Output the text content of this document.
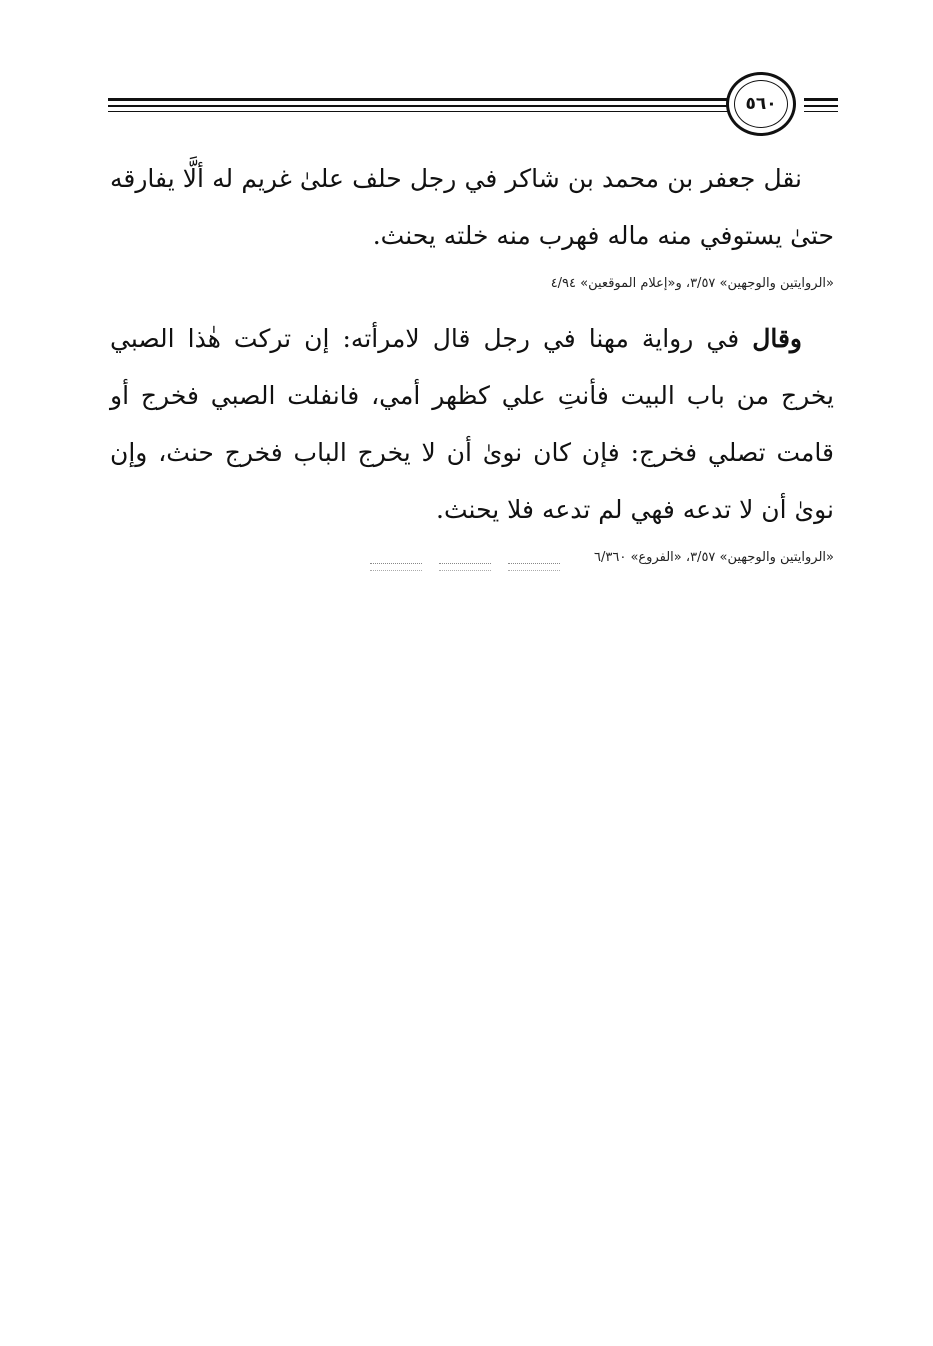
٥٦٠

نقل جعفر بن محمد بن شاكر في رجل حلف علىٰ غريم له ألَّا يفارقه حتىٰ يستوفي منه ماله فهرب منه خلته يحنث.

«الروايتين والوجهين» ٣/٥٧، و«إعلام الموقعين» ٤/٩٤

وقال في رواية مهنا في رجل قال لامرأته: إن تركت هٰذا الصبي يخرج من باب البيت فأنتِ علي كظهر أمي، فانفلت الصبي فخرج أو قامت تصلي فخرج: فإن كان نوىٰ أن لا يخرج الباب فخرج حنث، وإن نوىٰ أن لا تدعه فهي لم تدعه فلا يحنث.

«الروايتين والوجهين» ٣/٥٧، «الفروع» ٦/٣٦٠
